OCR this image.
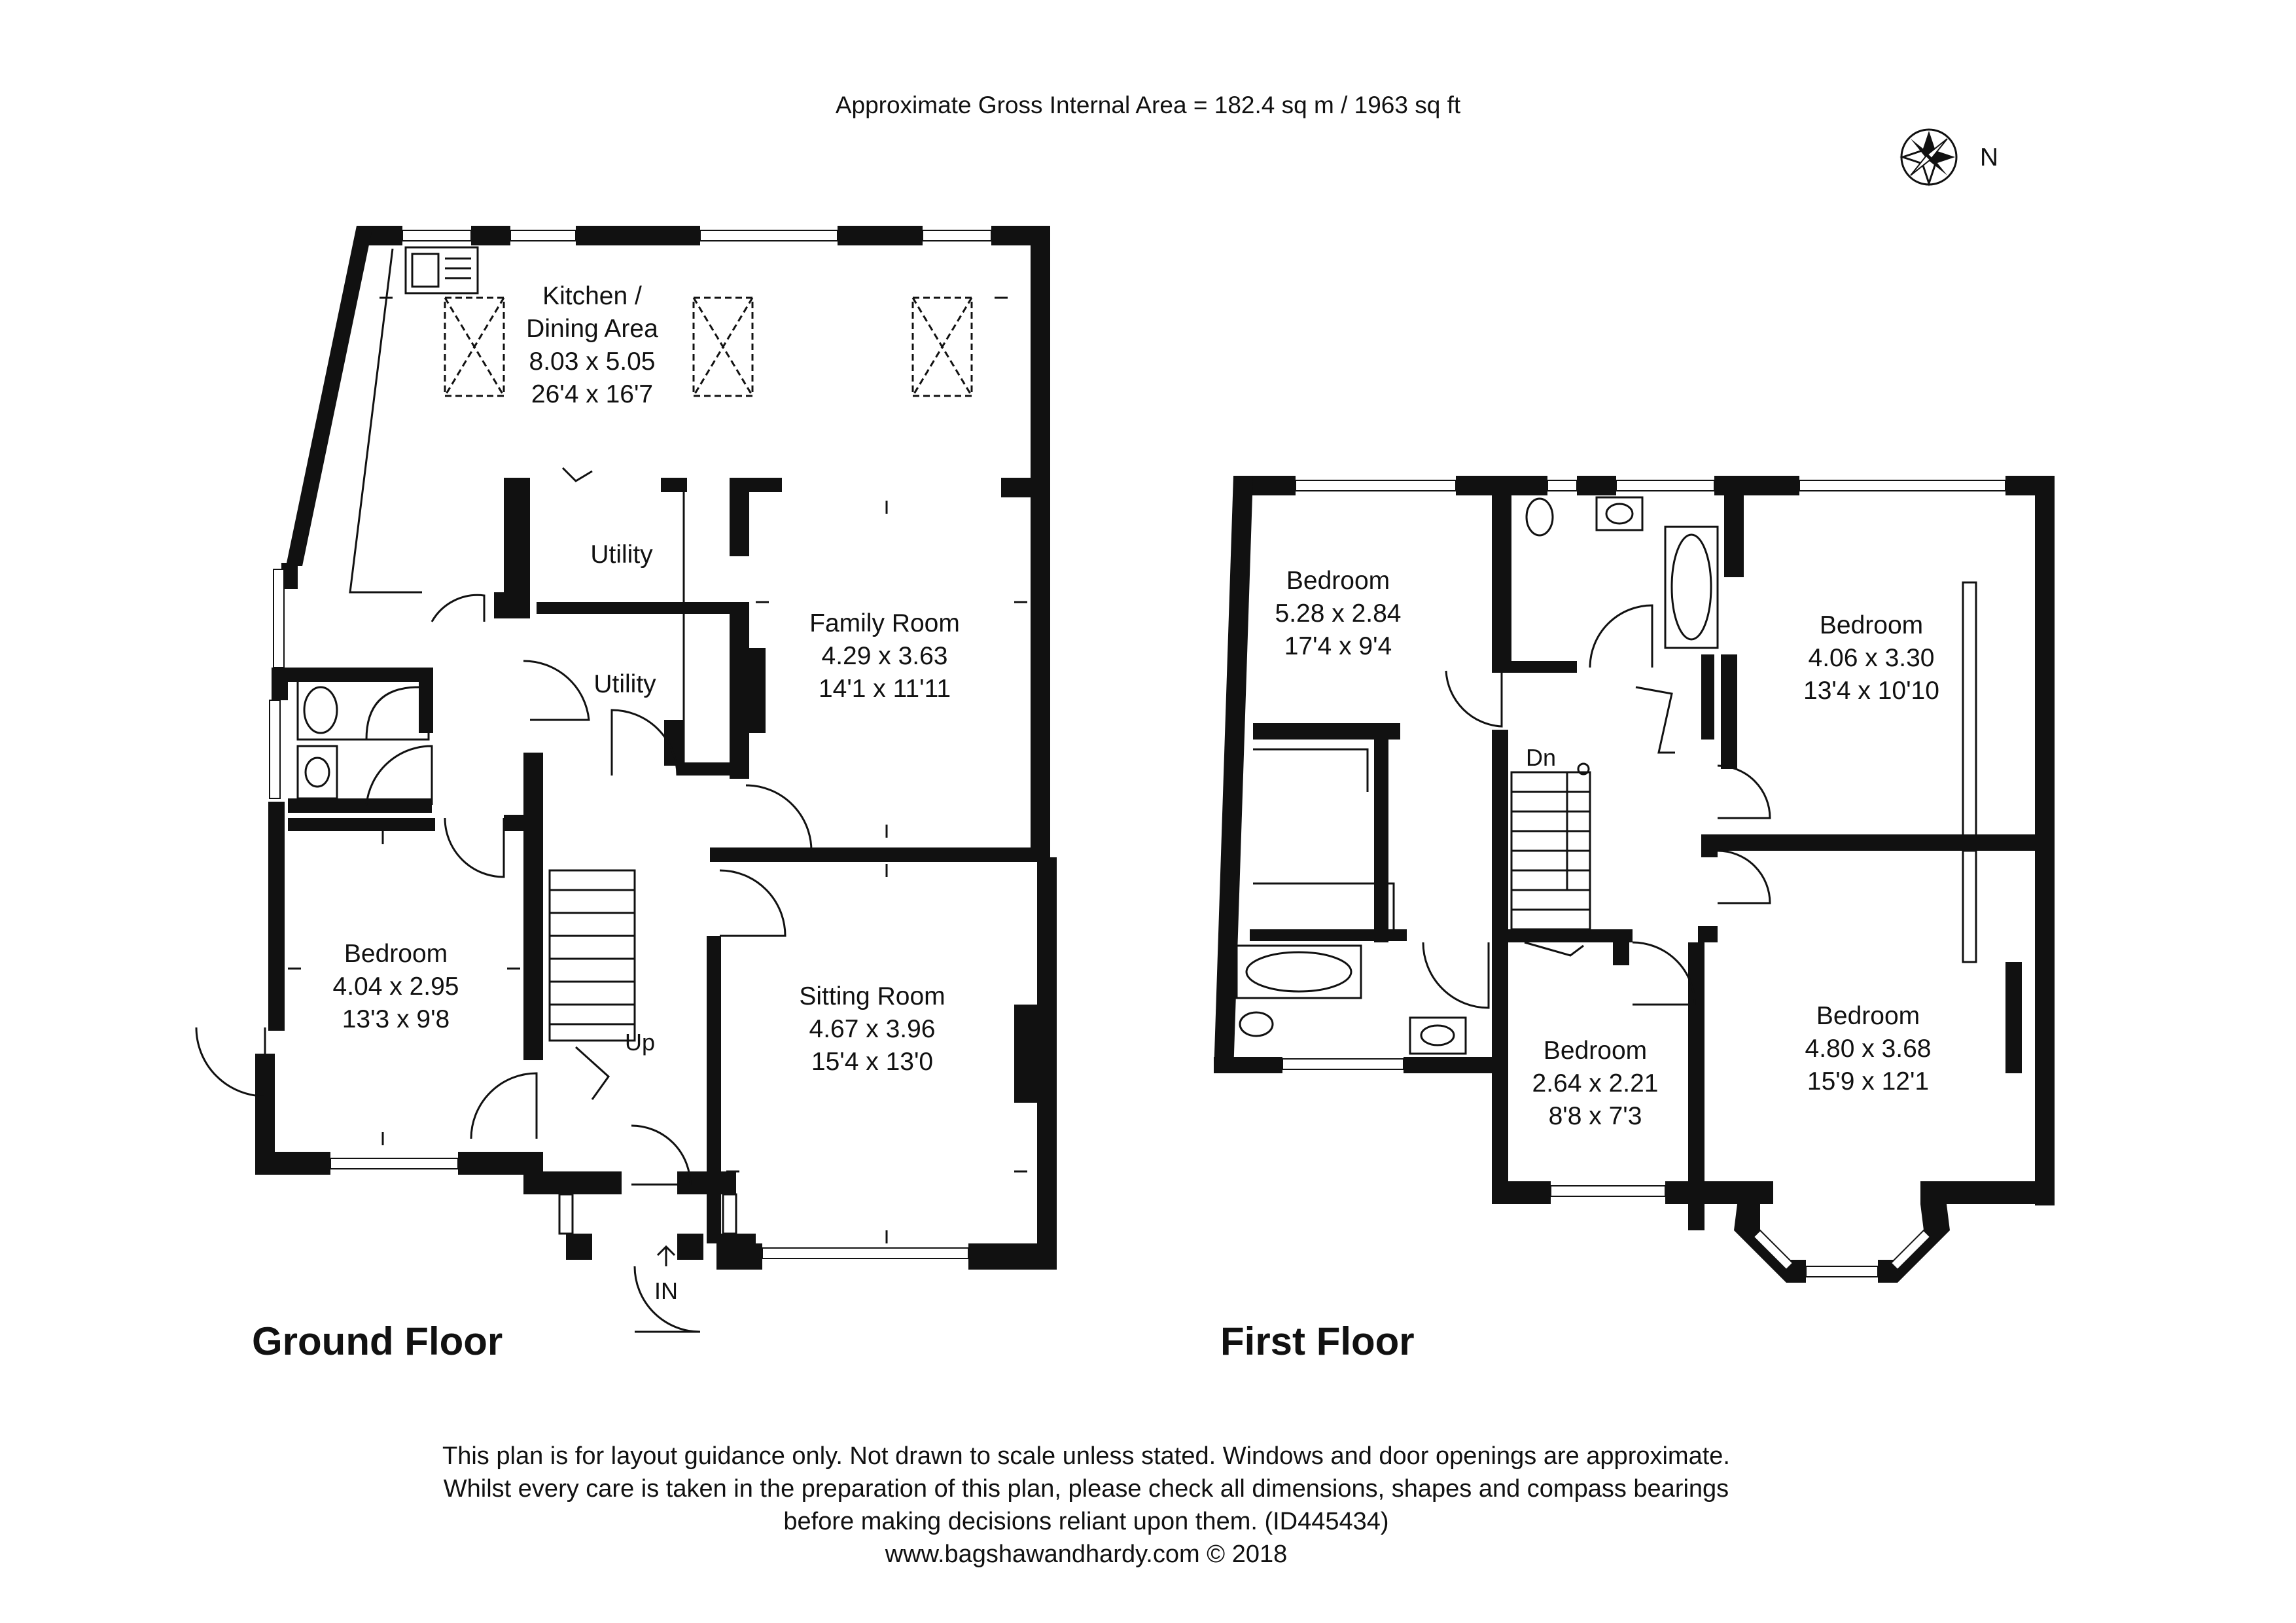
Approximate Gross Internal Area = 182.4 sq m / 1963 sq ft
N
Kitchen /
Dining Area
8.03 x 5.05
26'4 x 16'7
Utility
Utility
Family Room
4.29 x 3.63
14'1 x 11'11
Bedroom
4.04 x 2.95
13'3 x 9'8
Sitting Room
4.67 x 3.96
15'4 x 13'0
Up
IN
Bedroom
5.28 x 2.84
17'4 x 9'4
Bedroom
4.06 x 3.30
13'4 x 10'10
Bedroom
2.64 x 2.21
8'8 x 7'3
Bedroom
4.80 x 3.68
15'9 x 12'1
Dn
Ground Floor	First Floor
This plan is for layout guidance only. Not drawn to scale unless stated. Windows and door openings are approximate.
Whilst every care is taken in the preparation of this plan, please check all dimensions, shapes and compass bearings
before making decisions reliant upon them. (ID445434)
www.bagshawandhardy.com © 2018
